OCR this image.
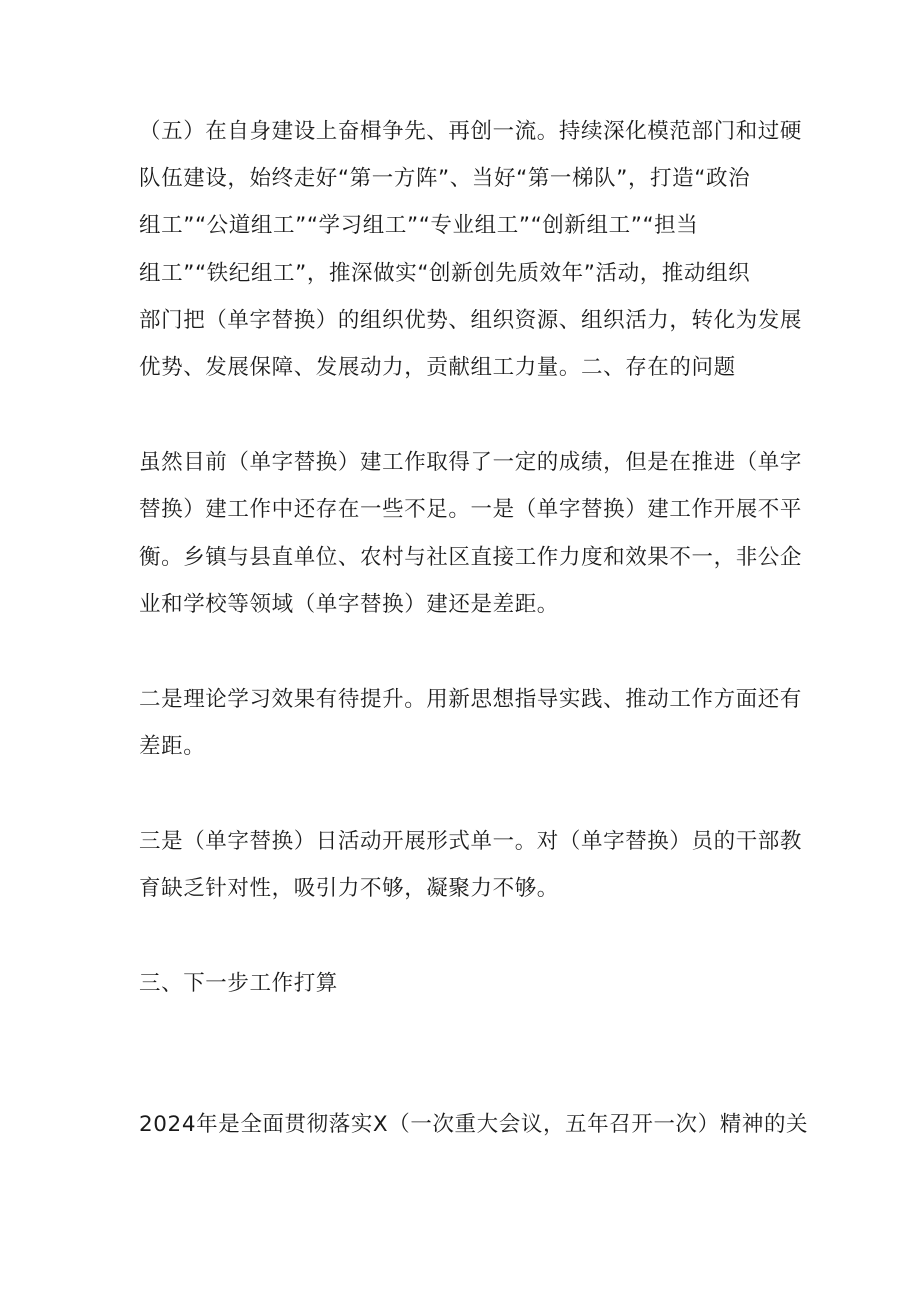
（五）在自身建设上奋楫争先、再创一流。持续深化模范部门和过硬
队伍建设，始终走好“第一方阵”、当好“第一梯队”，打造“政治
组工”“公道组工”“学习组工”“专业组工”“创新组工”“担当
组工”“铁纪组工”，推深做实“创新创先质效年”活动，推动组织
部门把（单字替换）的组织优势、组织资源、组织活力，转化为发展
优势、发展保障、发展动力，贡献组工力量。二、存在的问题
虽然目前（单字替换）建工作取得了一定的成绩，但是在推进（单字
替换）建工作中还存在一些不足。一是（单字替换）建工作开展不平
衡。乡镇与县直单位、农村与社区直接工作力度和效果不一，非公企
业和学校等领域（单字替换）建还是差距。
二是理论学习效果有待提升。用新思想指导实践、推动工作方面还有
差距。
三是（单字替换）日活动开展形式单一。对（单字替换）员的干部教
育缺乏针对性，吸引力不够，凝聚力不够。
三、下一步工作打算
2024年是全面贯彻落实X（一次重大会议，五年召开一次）精神的关
